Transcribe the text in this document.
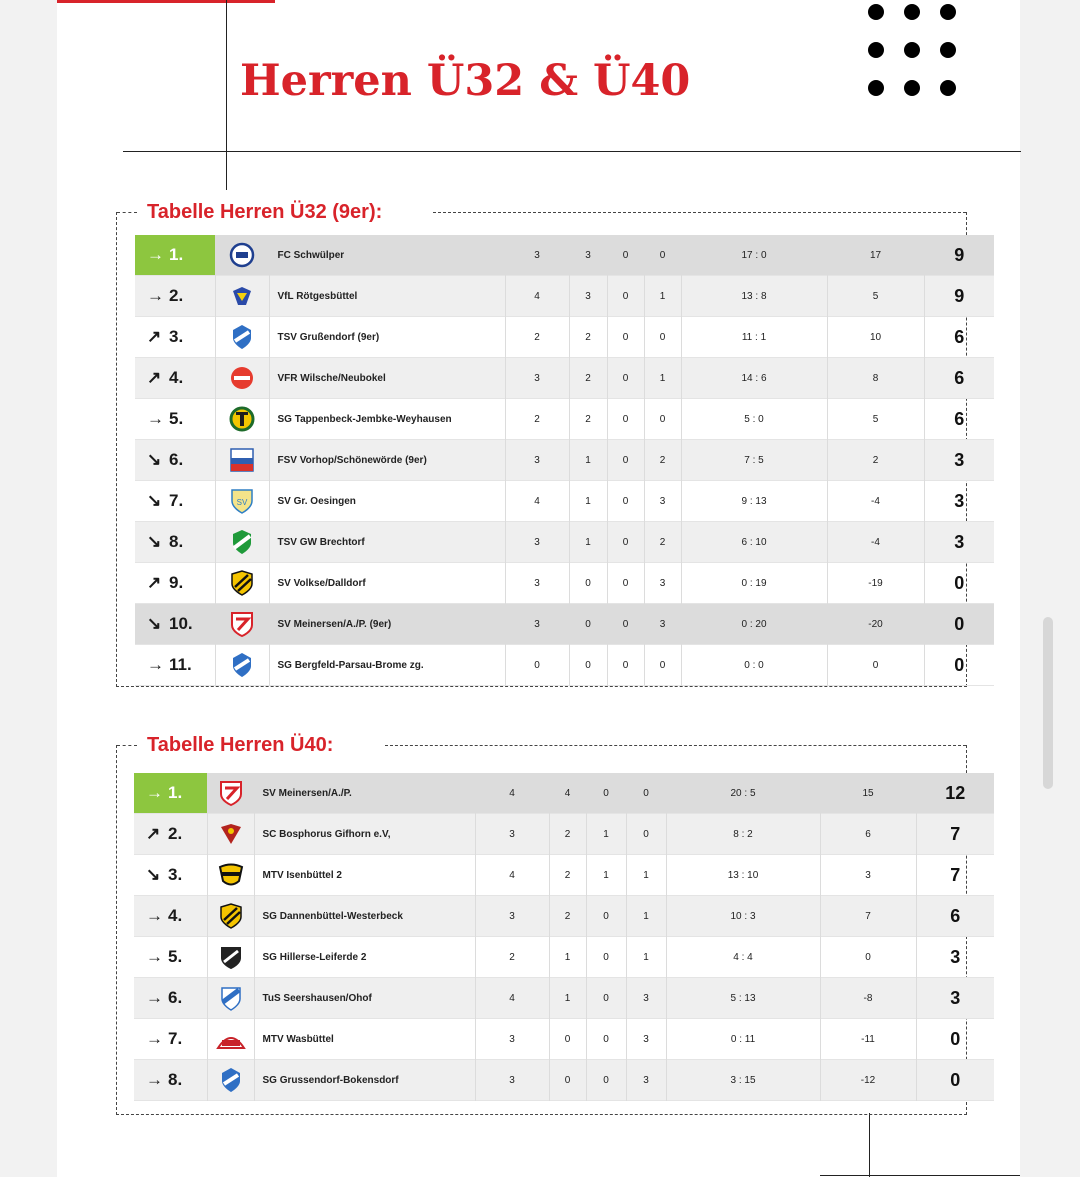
Herren Ü32 & Ü40
Tabelle Herren Ü32 (9er):
→ 1.		FC Schwülper	3	3	0	0	17 : 0	17	9
→ 2.		VfL Rötgesbüttel	4	3	0	1	13 : 8	5	9
↗ 3.		TSV Grußendorf (9er)	2	2	0	0	11 : 1	10	6
↗ 4.		VFR Wilsche/Neubokel	3	2	0	1	14 : 6	8	6
→ 5.		SG Tappenbeck-Jembke-Weyhausen	2	2	0	0	5 : 0	5	6
↘ 6.		FSV Vorhop/Schönewörde (9er)	3	1	0	2	7 : 5	2	3
↘ 7.	SV	SV Gr. Oesingen	4	1	0	3	9 : 13	-4	3
↘ 8.		TSV GW Brechtorf	3	1	0	2	6 : 10	-4	3
↗ 9.		SV Volkse/Dalldorf	3	0	0	3	0 : 19	-19	0
↘ 10.		SV Meinersen/A./P. (9er)	3	0	0	3	0 : 20	-20	0
→ 11.		SG Bergfeld-Parsau-Brome zg.	0	0	0	0	0 : 0	0	0
Tabelle Herren Ü40:
→ 1.		SV Meinersen/A./P.	4	4	0	0	20 : 5	15	12
↗ 2.		SC Bosphorus Gifhorn e.V,	3	2	1	0	8 : 2	6	7
↘ 3.		MTV Isenbüttel 2	4	2	1	1	13 : 10	3	7
→ 4.		SG Dannenbüttel-Westerbeck	3	2	0	1	10 : 3	7	6
→ 5.		SG Hillerse-Leiferde 2	2	1	0	1	4 : 4	0	3
→ 6.		TuS Seershausen/Ohof	4	1	0	3	5 : 13	-8	3
→ 7.		MTV Wasbüttel	3	0	0	3	0 : 11	-11	0
→ 8.		SG Grussendorf-Bokensdorf	3	0	0	3	3 : 15	-12	0
